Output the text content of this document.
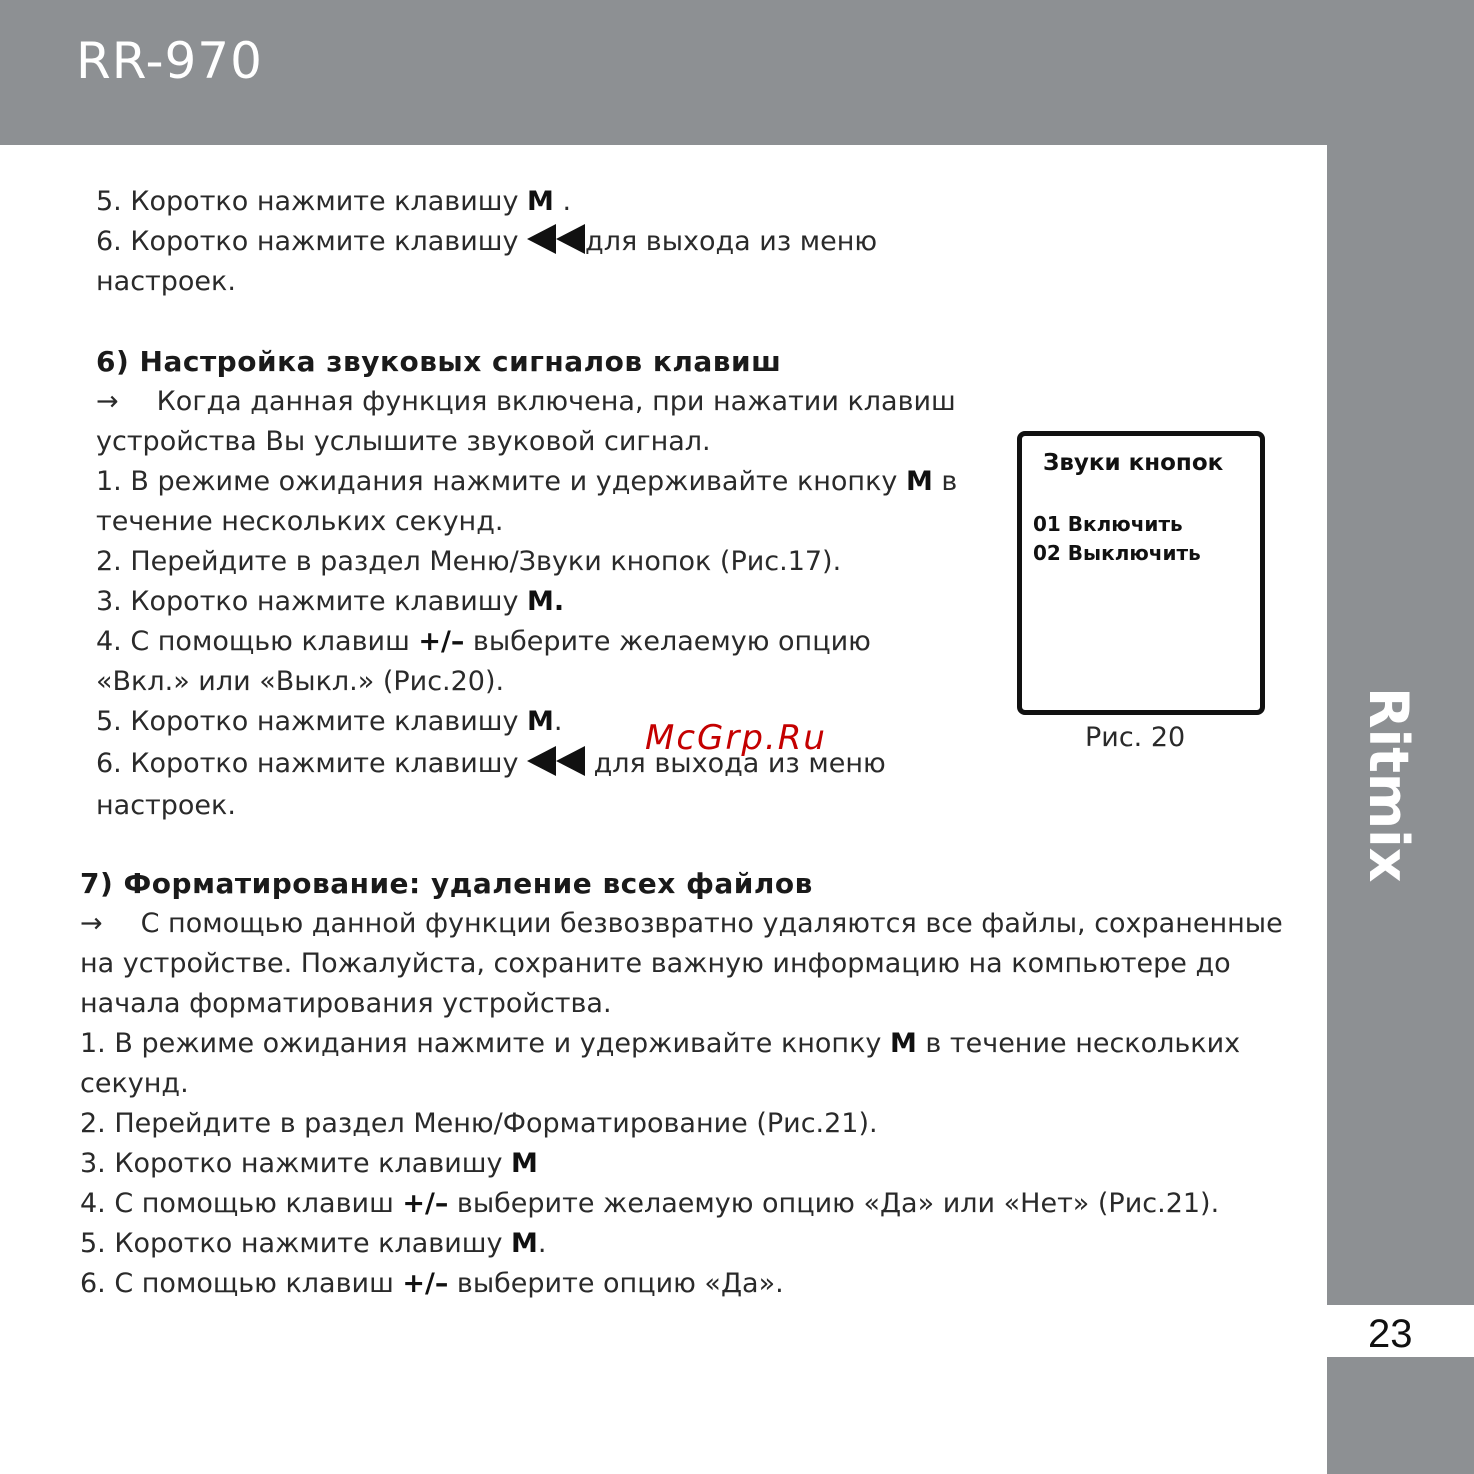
RR-970
Ritmix
23
5. Коротко нажмите клавишу M .
6. Коротко нажмите клавишу для выхода из меню
настроек.
6) Настройка звуковых сигналов клавиш
→ Когда данная функция включена, при нажатии клавиш
устройства Вы услышите звуковой сигнал.
1. В режиме ожидания нажмите и удерживайте кнопку M в
течение нескольких секунд.
2. Перейдите в раздел Меню/Звуки кнопок (Рис.17).
3. Коротко нажмите клавишу M.
4. С помощью клавиш +/– выберите желаемую опцию
«Вкл.» или «Выкл.» (Рис.20).
5. Коротко нажмите клавишу M.
6. Коротко нажмите клавишу  для выхода из меню
настроек.
Звуки кнопок
01 Включить
02 Выключить
Рис. 20
McGrp.Ru
7) Форматирование: удаление всех файлов
→ С помощью данной функции безвозвратно удаляются все файлы, сохраненные
на устройстве. Пожалуйста, сохраните важную информацию на компьютере до
начала форматирования устройства.
1. В режиме ожидания нажмите и удерживайте кнопку M в течение нескольких
секунд.
2. Перейдите в раздел Меню/Форматирование (Рис.21).
3. Коротко нажмите клавишу M
4. С помощью клавиш +/– выберите желаемую опцию «Да» или «Нет» (Рис.21).
5. Коротко нажмите клавишу M.
6. С помощью клавиш +/– выберите опцию «Да».
